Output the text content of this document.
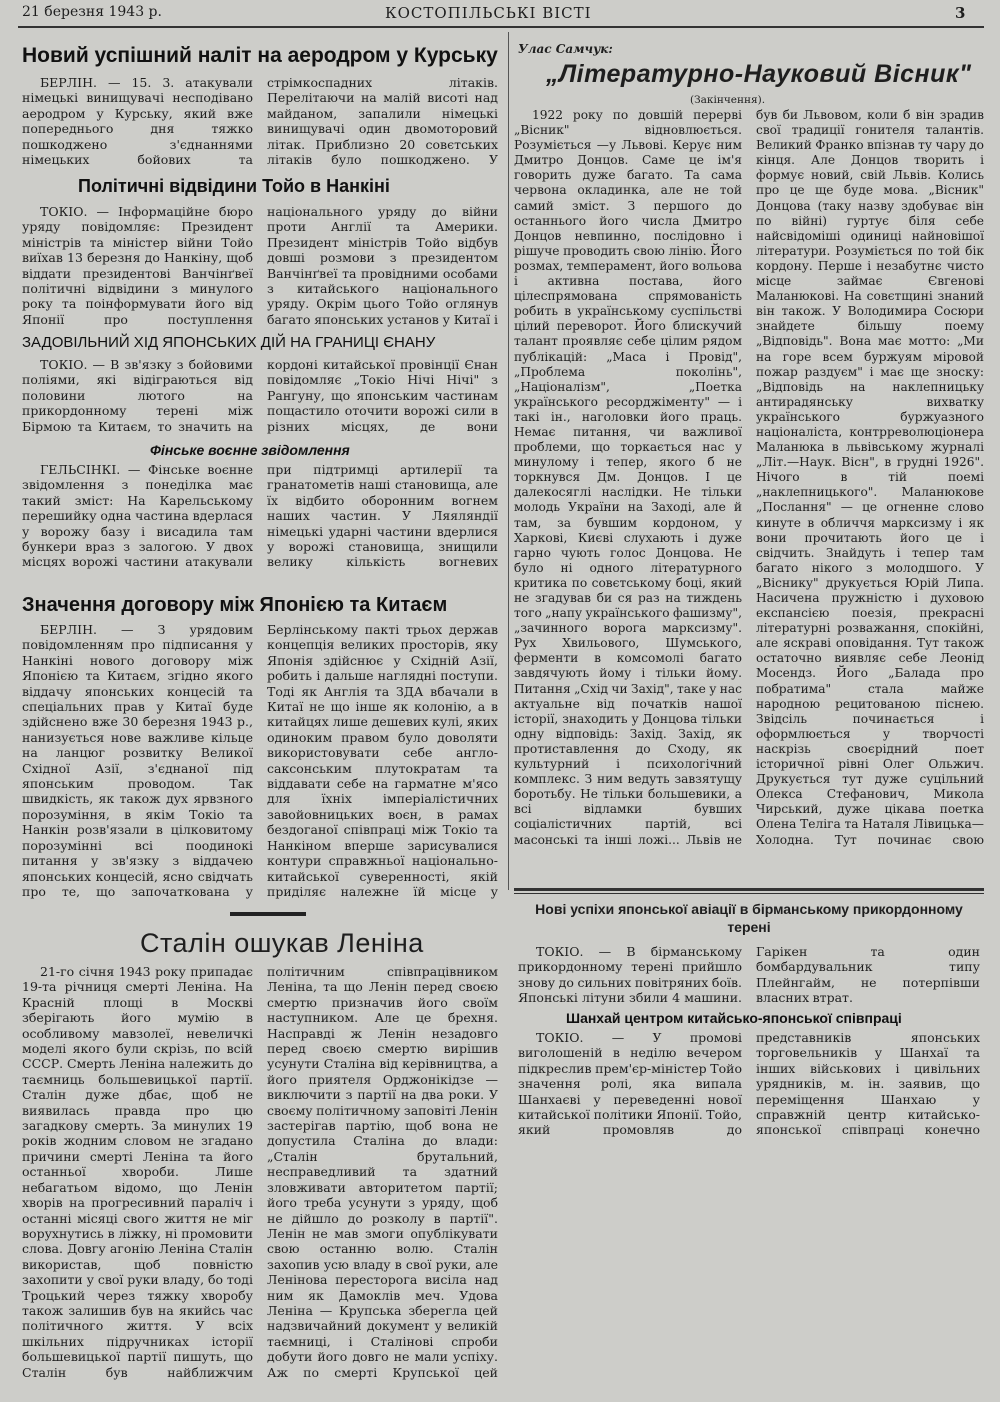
21 березня 1943 р.	КОСТОПІЛЬСЬКІ ВІСТІ	3
Новий успішний наліт на аеродром у Курську

БЕРЛІН. — 15. 3. атакували німецькі винищувачі несподівано аеродром у Курську, який вже попереднього дня тяжко пошкоджено з'єднаннями німецьких бойових та стрімкоспадних літаків. Перелітаючи на малій висоті над майданом, запалили німецькі винищувачі один двомоторовий літак. Приблизно 20 совєтських літаків було пошкоджено. У

Політичні відвідини Тойо в Нанкіні

ТОКІО. — Інформаційне бюро уряду повідомляє: Президент міністрів та міністер війни Тойо виїхав 13 березня до Нанкіну, щоб віддати президентові Ванчінґвеї політичні відвідини з минулого року та поінформувати його від Японії про поступлення національного уряду до війни проти Англії та Америки. Президент міністрів Тойо відбув довші розмови з президентом Ванчінґвеї та провідними особами з китайського національного уряду. Окрім цього Тойо оглянув багато японських установ у Китаї і

ЗАДОВІЛЬНИЙ ХІД ЯПОНСЬКИХ ДІЙ НА ГРАНИЦІ ЄНАНУ

ТОКІО. — В зв'язку з бойовими поліями, які відіграються від половини лютого на прикордонному терені між Бірмою та Китаєм, то значить на кордоні китайської провінції Єнан повідомляє „Токіо Нічі Нічі" з Рангуну, що японським частинам пощастило оточити ворожі сили в різних місцях, де вони

Фінське воєнне звідомлення

ГЕЛЬСІНКІ. — Фінське воєнне звідомлення з понеділка має такий зміст: На Карельському перешийку одна частина вдерлася у ворожу базу і висадила там бункери враз з залогою. У двох місцях ворожі частини атакували при підтримці артилерії та гранатометів наші становища, але їх відбито оборонним вогнем наших частин. У Ляяляндії німецькі ударні частини вдерлися у ворожі становища, знищили велику кількість вогневих

Значення договору між Японією та Китаєм

БЕРЛІН. — З урядовим повідомленням про підписання у Нанкіні нового договору між Японією та Китаєм, згідно якого віддачу японських концесій та спеціальних прав у Китаї буде здійснено вже 30 березня 1943 р., нанизується нове важливе кільце на ланцюг розвитку Великої Східної Азії, з'єднаної під японським проводом. Так швидкість, як також дух ярвзного порозуміння, в якім Токіо та Нанкін розв'язали в цілковитому порозумінні всі поодинокі питання у зв'язку з віддачею японських концесій, ясно свідчать про те, що започаткована у Берлінському пакті трьох держав концепція великих просторів, яку Японія здійснює у Східній Азії, робить і дальше наглядні поступи. Тоді як Англія та ЗДА вбачали в Китаї не що інше як колонію, а в китайцях лише дешевих кулі, яких одиноким правом було доволяти використовувати себе англо-саксонським плутократам та віддавати себе на гарматне м'ясо для їхніх імперіалістичних завойовницьких воєн, в рамах бездоганої співпраці між Токіо та Нанкіном вперше зарисувалися контури справжньої національно-китайської суверенності, якій приділяє належне їй місце у

Сталін ошукав Леніна

21-го січня 1943 року припадає 19-та річниця смерті Леніна. На Красній площі в Москві зберігають його мумію в особливому мавзолеї, невеличкі моделі якого були скрізь, по всій СССР. Смерть Леніна належить до таємниць большевицької партії. Сталін дуже дбає, щоб не виявилась правда про цю загадкову смерть. За минулих 19 років жодним словом не згадано причини смерті Леніна та його останньої хвороби. Лише небагатьом відомо, що Ленін хворів на прогресивний параліч і останні місяці свого життя не міг ворухнутись в ліжку, ні промовити слова. Довгу агонію Леніна Сталін використав, щоб повністю захопити у свої руки владу, бо тоді Троцький через тяжку хворобу також залишив був на якийсь час політичного життя. У всіх шкільних підручниках історії большевицької партії пишуть, що Сталін був найближчим політичним співпрацівником Леніна, та що Ленін перед своєю смертю призначив його своїм наступником. Але це брехня. Насправді ж Ленін незадовго перед своєю смертю вирішив усунути Сталіна від керівництва, а його приятеля Орджонікідзе — виключити з партії на два роки. У своєму політичному заповіті Ленін застерігав партію, щоб вона не допустила Сталіна до влади: „Сталін брутальний, несправедливий та здатний зловживати авторитетом партії; його треба усунути з уряду, щоб не дійшло до розколу в партії". Ленін не мав змоги опублікувати свою останню волю. Сталін захопив усю владу в свої руки, але Ленінова пересторога висіла над ним як Дамоклів меч. Удова Леніна — Крупська зберегла цей надзвичайний документ у великій таємниці, і Сталінові спроби добути його довго не мали успіху. Аж по смерті Крупської цей

Улас Самчук:
„Літературно-Науковий Вісник"
(Закінчення).

1922 року по довшій перерві „Вісник" відновлюється. Розуміється —у Львові. Керує ним Дмитро Донцов. Саме це ім'я говорить дуже багато. Та сама червона окладинка, але не той самий зміст. З першого до останнього його числа Дмитро Донцов невпинно, послідовно і рішуче проводить свою лінію. Його розмах, темперамент, його вольова і активна постава, його цілеспрямована спрямованість робить в українському суспільстві цілий переворот. Його блискучий талант проявляє себе цілим рядом публікацій: „Маса і Провід", „Проблема поколінь", „Націоналізм", „Поетка українського ресорджіменту" — і такі ін., наголовки його праць. Немає питання, чи важливої проблеми, що торкається нас у минулому і тепер, якого б не торкнувся Дм. Донцов. І це далекосяглі наслідки. Не тільки молодь України на Заході, але й там, за бувшим кордоном, у Харкові, Києві слухають і дуже гарно чують голос Донцова. Не було ні одного літературного критика по совєтському боці, який не згадував би ся раз на тиждень того „напу українського фашизму", „зачинного ворога марксизму". Рух Хвильового, Шумського, ферменти в комсомолі багато завдячують йому і тільки йому. Питання „Схід чи Захід", таке у нас актуальне від початків нашої історії, знаходить у Донцова тільки одну відповідь: Захід. Захід, як протиставлення до Сходу, як культурний і психологічний комплекс. З ним ведуть завзятущу боротьбу. Не тільки большевики, а всі відламки бувших соціалістичних партій, всі масонські та інші ложі... Львів не був би Львовом, коли б він зрадив свої традиції гонителя талантів. Великий Франко впізнав ту чару до кінця. Але Донцов творить і формує новий, свій Львів. Колись про це ще буде мова. „Вісник" Донцова (таку назву здобуває він по війні) гуртує біля себе найсвідоміші одиниці найновішої літератури. Розуміється по той бік кордону. Перше і незабутнє чисто місце займає Євгенові Маланюкові. На совєтщині знаний він також. У Володимира Сосюри знайдете більшу поему „Відповідь". Вона має мотто: „Ми на горе всем буржуям міровой пожар раздуєм" і має ще зноску: „Відповідь на наклепницьку антирадянську вихватку українського буржуазного націоналіста, контрреволюціонера Маланюка в львівському журналі „Літ.—Наук. Вісн", в грудні 1926". Нічого в тій поемі „наклепницького". Маланюкове „Послання" — це огненне слово кинуте в обличчя марксизму і як вони прочитають його це і свідчить. Знайдуть і тепер там багато нікого з молодшого. У „Віснику" друкується Юрій Липа. Насичена пружністю і духовою експансією поезія, прекрасні літературні розважання, спокійні, але яскраві оповідання. Тут також остаточно виявляє себе Леонід Мосендз. Його „Балада про побратима" стала майже народною рецитованою піснею. Звідсіль починається і оформлюється у творчості наскрізь своєрідний поет історичної рівні Олег Ольжич. Друкується тут дуже суцільний Олекса Стефанович, Микола Чирський, дуже цікава поетка Олена Теліга та Наталя Лівицька—Холодна. Тут починає свою

Нові успіхи японської авіації в бірманському прикордонному терені

ТОКІО. — В бірманському прикордонному терені прийшло знову до сильних повітряних боїв. Японські літуни збили 4 машини. Гарікен та один бомбардувальник типу Плейнгайм, не потерпівши власних втрат.

Шанхай центром китайсько-японської співпраці

ТОКІО. — У промові виголошеній в неділю вечером підкреслив прем'єр-міністер Тойо значення ролі, яка випала Шанхаєві у переведенні нової китайської політики Японії. Тойо, який промовляв до представників японських торговельників у Шанхаї та інших військових і цивільних урядників, м. ін. заявив, що переміщення Шанхаю у справжній центр китайсько-японської співпраці конечно
